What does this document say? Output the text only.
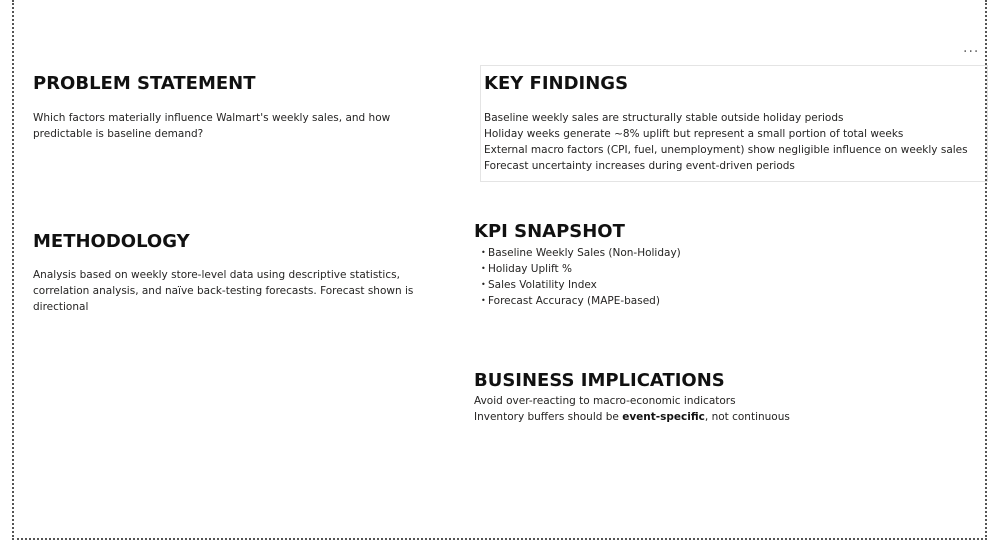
...
PROBLEM STATEMENT

Which factors materially influence Walmart's weekly sales, and how predictable is baseline demand?

METHODOLOGY

Analysis based on weekly store-level data using descriptive statistics, correlation analysis, and naïve back-testing forecasts. Forecast shown is directional

KEY FINDINGS
Baseline weekly sales are structurally stable outside holiday periods
Holiday weeks generate ~8% uplift but represent a small portion of total weeks
External macro factors (CPI, fuel, unemployment) show negligible influence on weekly sales
Forecast uncertainty increases during event-driven periods
KPI SNAPSHOT
• Baseline Weekly Sales (Non-Holiday)
• Holiday Uplift %
• Sales Volatility Index
• Forecast Accuracy (MAPE-based)
BUSINESS IMPLICATIONS
Avoid over-reacting to macro-economic indicators
Inventory buffers should be event-specific, not continuous
